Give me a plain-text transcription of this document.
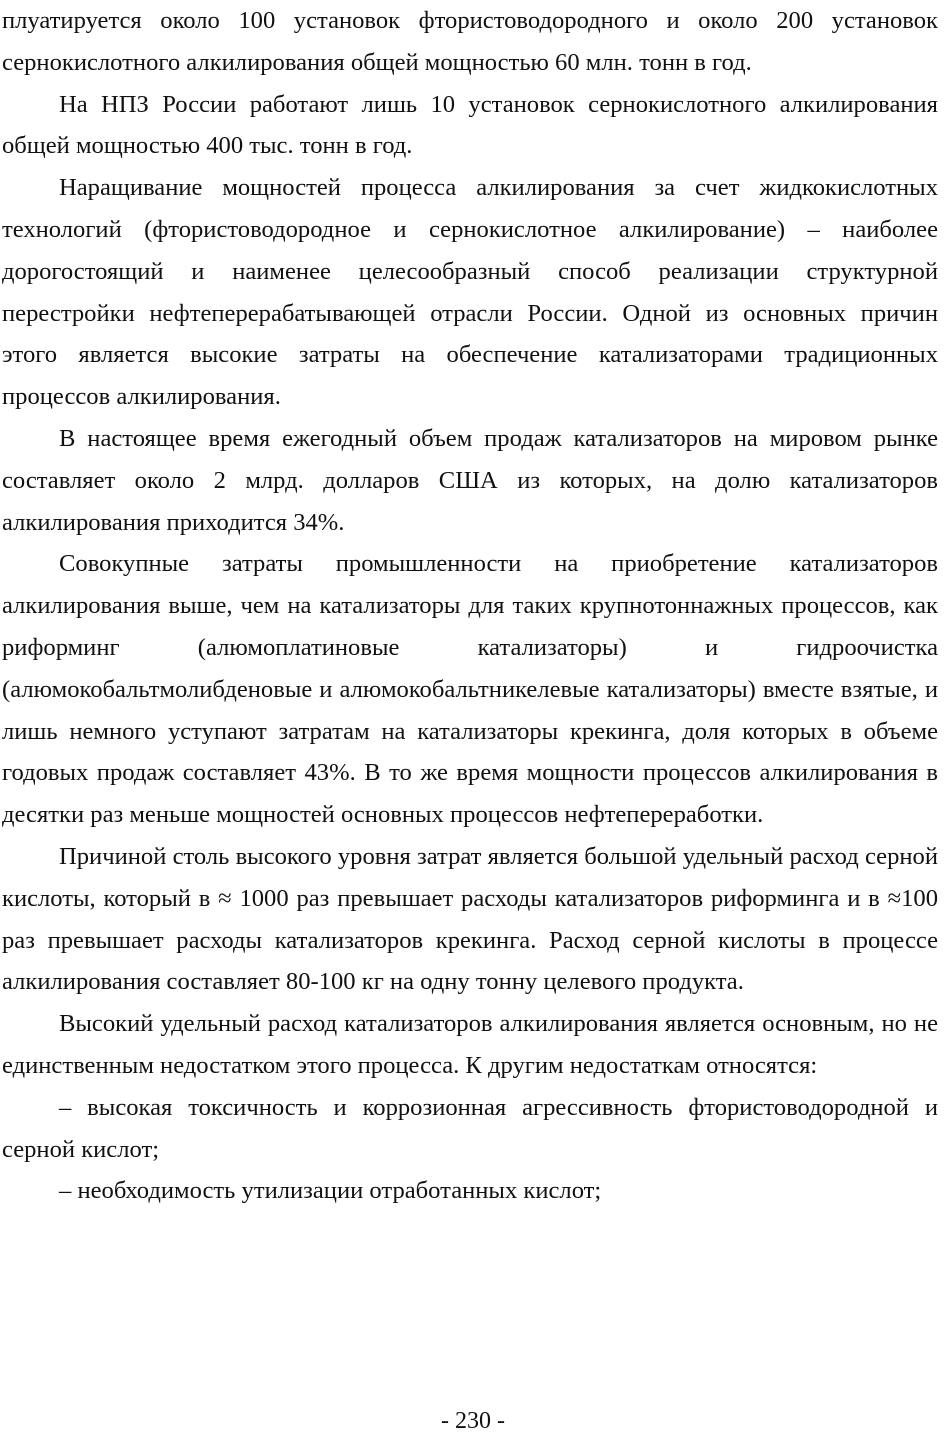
плуатируется около 100 установок фтористоводородного и около 200 установок сернокислотного алкилирования общей мощностью 60 млн. тонн в год.

На НПЗ России работают лишь 10 установок сернокислотного алкилирования общей мощностью 400 тыс. тонн в год.

Наращивание мощностей процесса алкилирования за счет жидкокислотных технологий (фтористоводородное и сернокислотное алкилирование) – наиболее дорогостоящий и наименее целесообразный способ реализации структурной перестройки нефтеперерабатывающей отрасли России. Одной из основных причин этого является высокие затраты на обеспечение катализаторами традиционных процессов алкилирования.

В настоящее время ежегодный объем продаж катализаторов на мировом рынке составляет около 2 млрд. долларов США из которых, на долю катализаторов алкилирования приходится 34%.

Совокупные затраты промышленности на приобретение катализаторов алкилирования выше, чем на катализаторы для таких крупнотоннажных процессов, как риформинг (алюмоплатиновые катализаторы) и гидроочистка (алюмокобальтмолибденовые и алюмокобальтникелевые катализаторы) вместе взятые, и лишь немного уступают затратам на катализаторы крекинга, доля которых в объеме годовых продаж составляет 43%. В то же время мощности процессов алкилирования в десятки раз меньше мощностей основных процессов нефтепереработки.

Причиной столь высокого уровня затрат является большой удельный расход серной кислоты, который в ≈ 1000 раз превышает расходы катализаторов риформинга и в ≈100 раз превышает расходы катализаторов крекинга. Расход серной кислоты в процессе алкилирования составляет 80-100 кг на одну тонну целевого продукта.

Высокий удельный расход катализаторов алкилирования является основным, но не единственным недостатком этого процесса. К другим недостаткам относятся:

– высокая токсичность и коррозионная агрессивность фтористоводородной и серной кислот;

– необходимость утилизации отработанных кислот;

- 230 -
